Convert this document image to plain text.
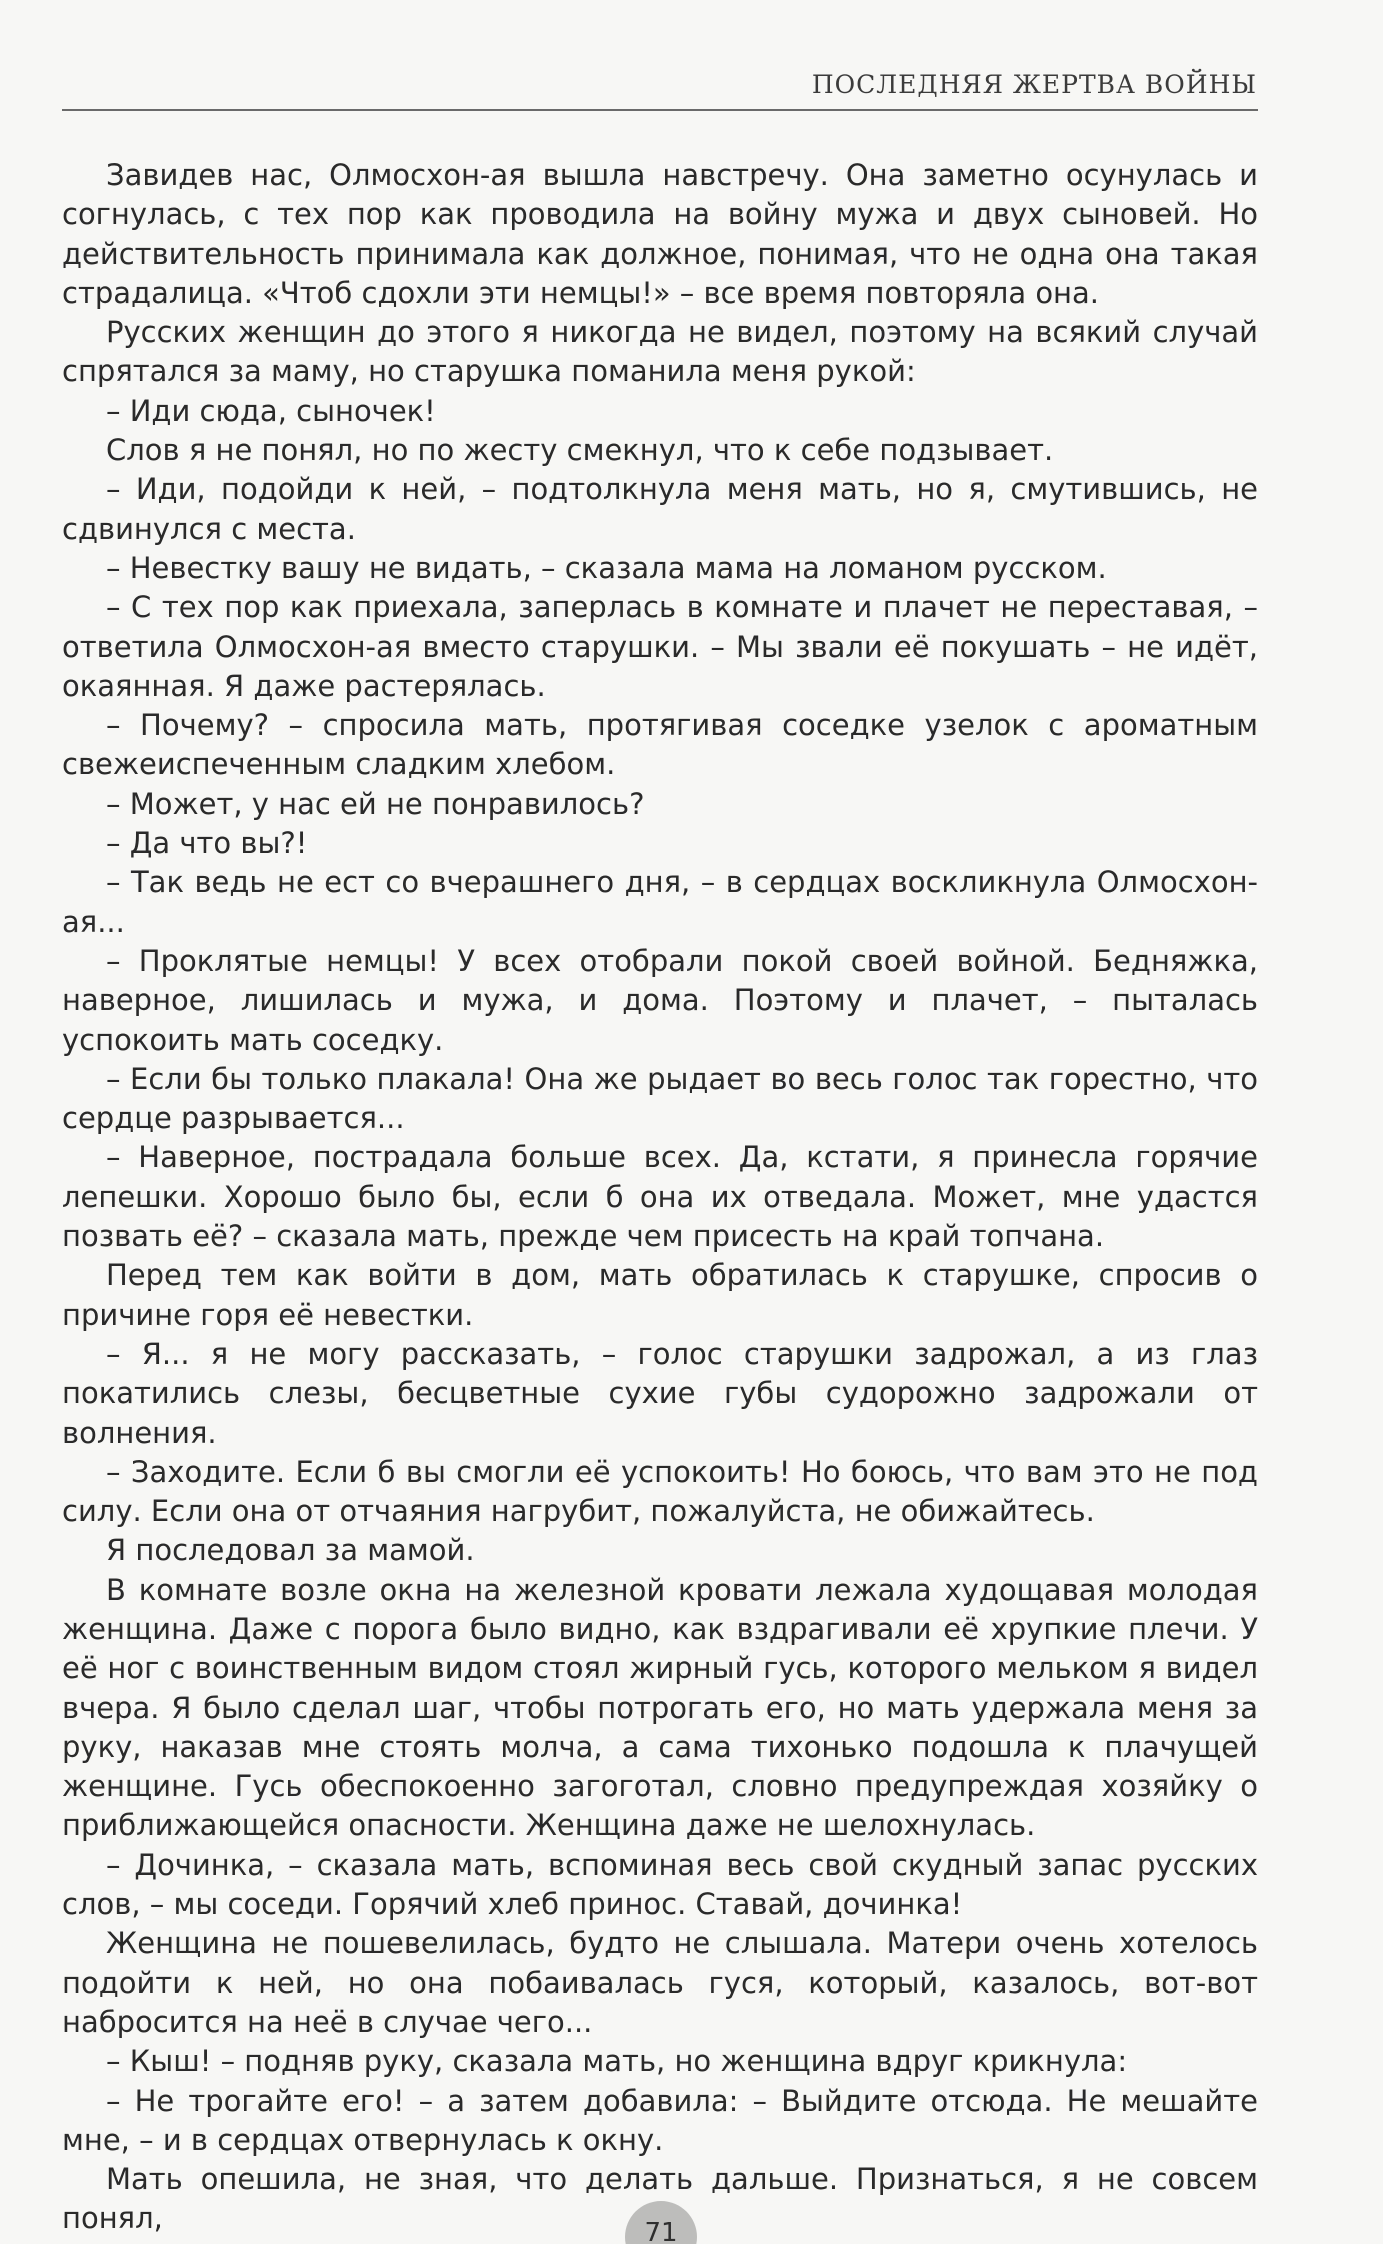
ПОСЛЕДНЯЯ ЖЕРТВА ВОЙНЫ

Завидев нас, Олмосхон-ая вышла навстречу. Она заметно осунулась и согнулась, с тех пор как проводила на войну мужа и двух сыновей. Но действительность принимала как должное, понимая, что не одна она такая страдалица. «Чтоб сдохли эти немцы!» – все время повторяла она.

Русских женщин до этого я никогда не видел, поэтому на всякий случай спрятался за маму, но старушка поманила меня рукой:

– Иди сюда, сыночек!

Слов я не понял, но по жесту смекнул, что к себе подзывает.

– Иди, подойди к ней, – подтолкнула меня мать, но я, смутившись, не сдвинулся с места.

– Невестку вашу не видать, – сказала мама на ломаном русском.

– С тех пор как приехала, заперлась в комнате и плачет не переставая, – ответила Олмосхон-ая вместо старушки. – Мы звали её покушать – не идёт, окаянная. Я даже растерялась.

– Почему? – спросила мать, протягивая соседке узелок с ароматным свежеиспеченным сладким хлебом.

– Может, у нас ей не понравилось?

– Да что вы?!

– Так ведь не ест со вчерашнего дня, – в сердцах воскликнула Олмосхон-ая...

– Проклятые немцы! У всех отобрали покой своей войной. Бедняжка, наверное, лишилась и мужа, и дома. Поэтому и плачет, – пыталась успокоить мать соседку.

– Если бы только плакала! Она же рыдает во весь голос так горестно, что сердце разрывается...

– Наверное, пострадала больше всех. Да, кстати, я принесла горячие лепешки. Хорошо было бы, если б она их отведала. Может, мне удастся позвать её? – сказала мать, прежде чем присесть на край топчана.

Перед тем как войти в дом, мать обратилась к старушке, спросив о причине горя её невестки.

– Я... я не могу рассказать, – голос старушки задрожал, а из глаз покатились слезы, бесцветные сухие губы судорожно задрожали от волнения.

– Заходите. Если б вы смогли её успокоить! Но боюсь, что вам это не под силу. Если она от отчаяния нагрубит, пожалуйста, не обижайтесь.

Я последовал за мамой.

В комнате возле окна на железной кровати лежала худощавая молодая женщина. Даже с порога было видно, как вздрагивали её хрупкие плечи. У её ног с воинственным видом стоял жирный гусь, которого мельком я видел вчера. Я было сделал шаг, чтобы потрогать его, но мать удержала меня за руку, наказав мне стоять молча, а сама тихонько подошла к плачущей женщине. Гусь обеспокоенно загоготал, словно предупреждая хозяйку о приближающейся опасности. Женщина даже не шелохнулась.

– Дочинка, – сказала мать, вспоминая весь свой скудный запас русских слов, – мы соседи. Горячий хлеб принос. Ставай, дочинка!

Женщина не пошевелилась, будто не слышала. Матери очень хотелось подойти к ней, но она побаивалась гуся, который, казалось, вот-вот набросится на неё в случае чего...

– Кыш! – подняв руку, сказала мать, но женщина вдруг крикнула:

– Не трогайте его! – а затем добавила: – Выйдите отсюда. Не мешайте мне, – и в сердцах отвернулась к окну.

Мать опешила, не зная, что делать дальше. Признаться, я не совсем понял,	71
